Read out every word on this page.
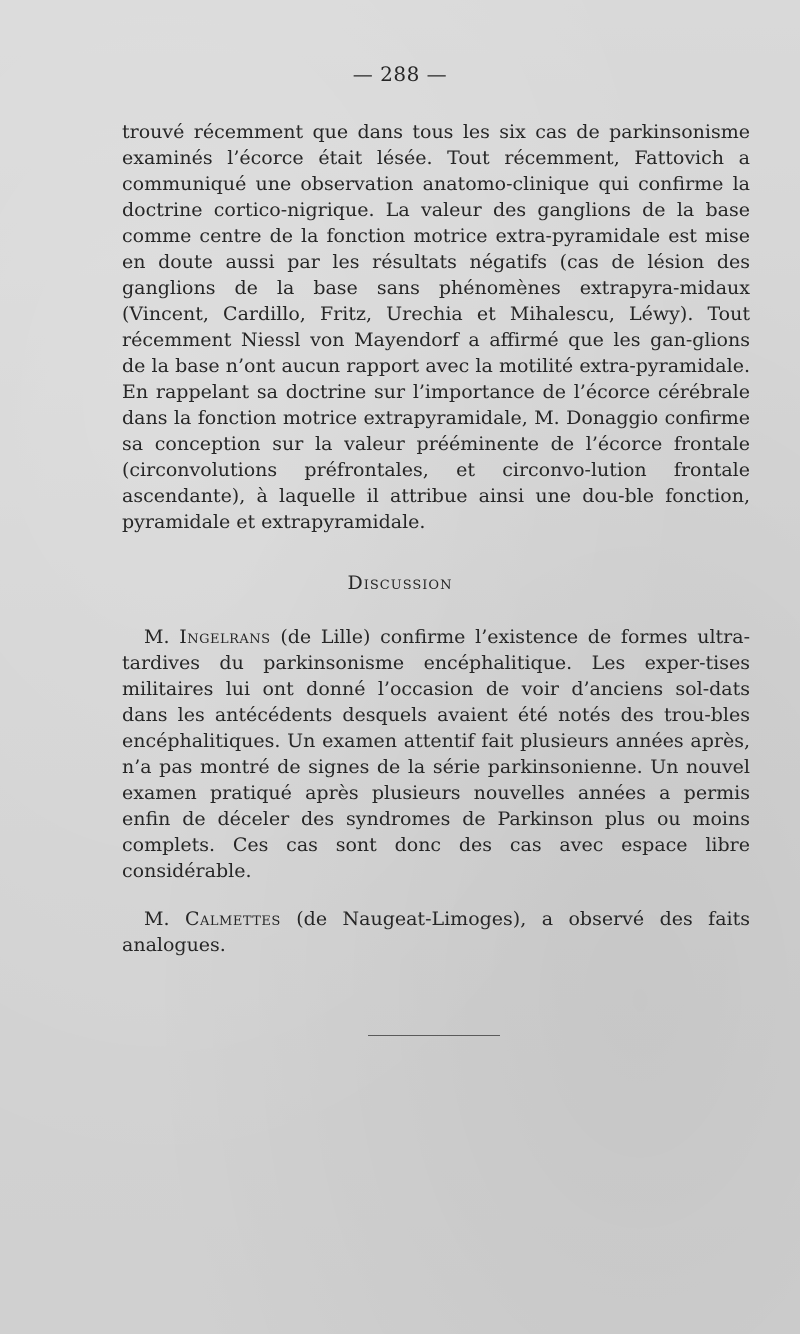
— 288 —

trouvé récemment que dans tous les six cas de parkinsonisme examinés l’écorce était lésée. Tout récemment, Fattovich a communiqué une observation anatomo-clinique qui confirme la doctrine cortico-nigrique. La valeur des ganglions de la base comme centre de la fonction motrice extra-pyramidale est mise en doute aussi par les résultats négatifs (cas de lésion des ganglions de la base sans phénomènes extrapyra-midaux (Vincent, Cardillo, Fritz, Urechia et Mihalescu, Léwy). Tout récemment Niessl von Mayendorf a affirmé que les gan-glions de la base n’ont aucun rapport avec la motilité extra-pyramidale. En rappelant sa doctrine sur l’importance de l’écorce cérébrale dans la fonction motrice extrapyramidale, M. Donaggio confirme sa conception sur la valeur prééminente de l’écorce frontale (circonvolutions préfrontales, et circonvo-lution frontale ascendante), à laquelle il attribue ainsi une dou-ble fonction, pyramidale et extrapyramidale.

Discussion

M. Ingelrans (de Lille) confirme l’existence de formes ultra-tardives du parkinsonisme encéphalitique. Les exper-tises militaires lui ont donné l’occasion de voir d’anciens sol-dats dans les antécédents desquels avaient été notés des trou-bles encéphalitiques. Un examen attentif fait plusieurs années après, n’a pas montré de signes de la série parkinsonienne. Un nouvel examen pratiqué après plusieurs nouvelles années a permis enfin de déceler des syndromes de Parkinson plus ou moins complets. Ces cas sont donc des cas avec espace libre considérable.

M. Calmettes (de Naugeat-Limoges), a observé des faits analogues.
